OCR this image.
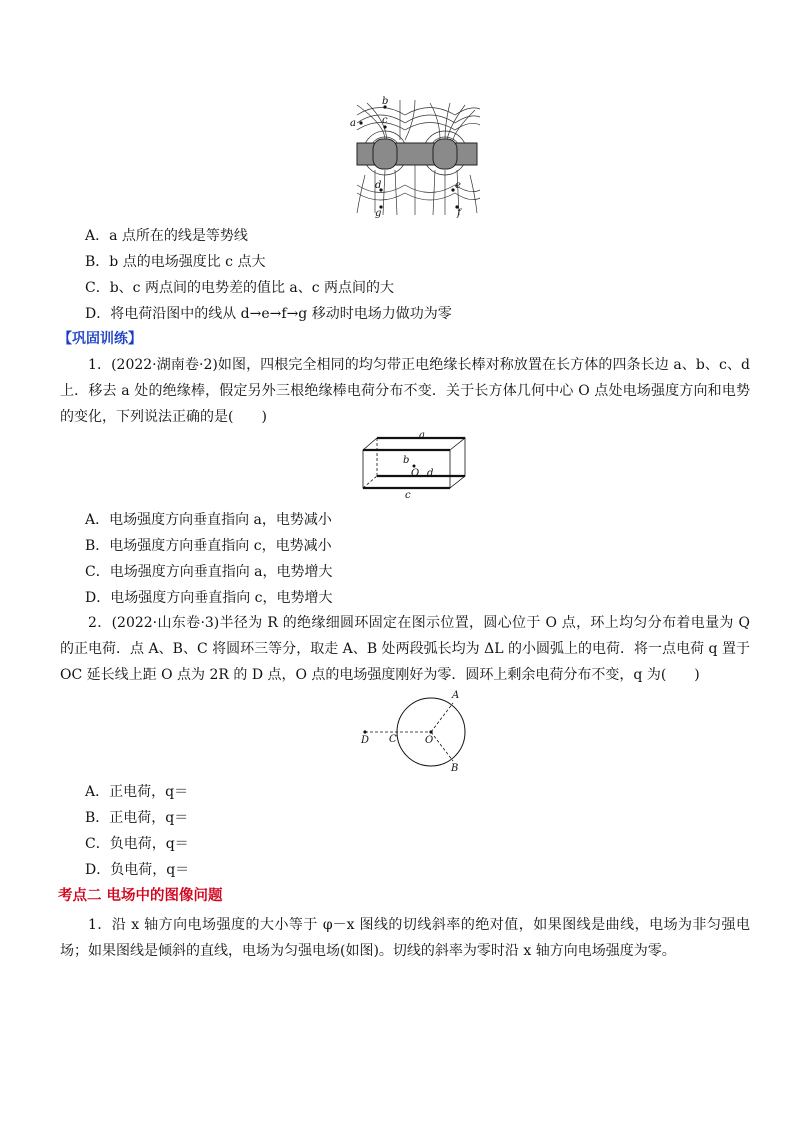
a
b
c
d
g
e
f
A．a 点所在的线是等势线
B．b 点的电场强度比 c 点大
C．b、c 两点间的电势差的值比 a、c 两点间的大
D．将电荷沿图中的线从 d→e→f→g 移动时电场力做功为零
【巩固训练】
1．(2022·湖南卷·2)如图，四根完全相同的均匀带正电绝缘长棒对称放置在长方体的四条长边 a、b、c、d 上．移去 a 处的绝缘棒，假定另外三根绝缘棒电荷分布不变．关于长方体几何中心 O 点处电场强度方向和电势的变化，下列说法正确的是(　　)
a
b
O d
c
A．电场强度方向垂直指向 a，电势减小
B．电场强度方向垂直指向 c，电势减小
C．电场强度方向垂直指向 a，电势增大
D．电场强度方向垂直指向 c，电势增大
2．(2022·山东卷·3)半径为 R 的绝缘细圆环固定在图示位置，圆心位于 O 点，环上均匀分布着电量为 Q 的正电荷．点 A、B、C 将圆环三等分，取走 A、B 处两段弧长均为 ΔL 的小圆弧上的电荷．将一点电荷 q 置于 OC 延长线上距 O 点为 2R 的 D 点，O 点的电场强度刚好为零．圆环上剩余电荷分布不变，q 为(　　)
A
B
C
D	O
A．正电荷，q＝
B．正电荷，q＝
C．负电荷，q＝
D．负电荷，q＝
考点二 电场中的图像问题
1．沿 x 轴方向电场强度的大小等于 φ－x 图线的切线斜率的绝对值，如果图线是曲线，电场为非匀强电场；如果图线是倾斜的直线，电场为匀强电场(如图)。切线的斜率为零时沿 x 轴方向电场强度为零。
